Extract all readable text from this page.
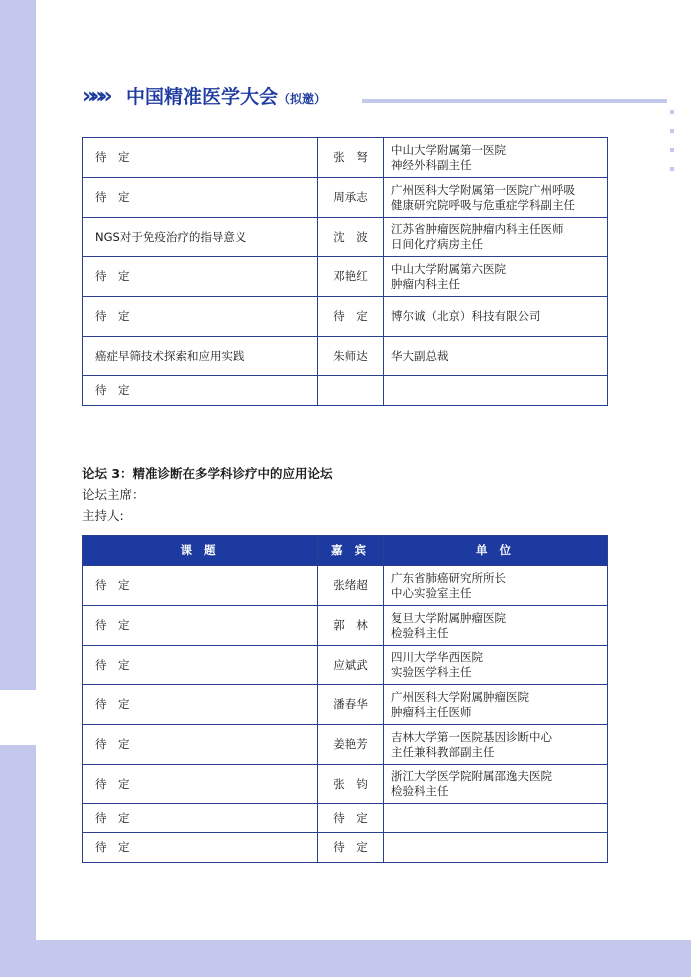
»»» 中国精准医学大会（拟邀）
待　定	张　弩	中山大学附属第一医院
神经外科副主任

待　定	周承志	广州医科大学附属第一医院广州呼吸
健康研究院呼吸与危重症学科副主任

NGS对于免疫治疗的指导意义	沈　波	江苏省肿瘤医院肿瘤内科主任医师
日间化疗病房主任

待　定	邓艳红	中山大学附属第六医院
肿瘤内科主任

待　定	待　定	博尔诚（北京）科技有限公司

癌症早筛技术探索和应用实践	朱师达	华大副总裁

待　定		
论坛 3：精准诊断在多学科诊疗中的应用论坛
论坛主席：
主持人:
课 题	嘉 宾	单 位
待　定	张绪超	广东省肺癌研究所所长
中心实验室主任

待　定	郭　林	复旦大学附属肿瘤医院
检验科主任

待　定	应斌武	四川大学华西医院
实验医学科主任

待　定	潘春华	广州医科大学附属肿瘤医院
肿瘤科主任医师

待　定	姜艳芳	吉林大学第一医院基因诊断中心
主任兼科教部副主任

待　定	张　钧	浙江大学医学院附属邵逸夫医院
检验科主任

待　定	待　定	

待　定	待　定	
